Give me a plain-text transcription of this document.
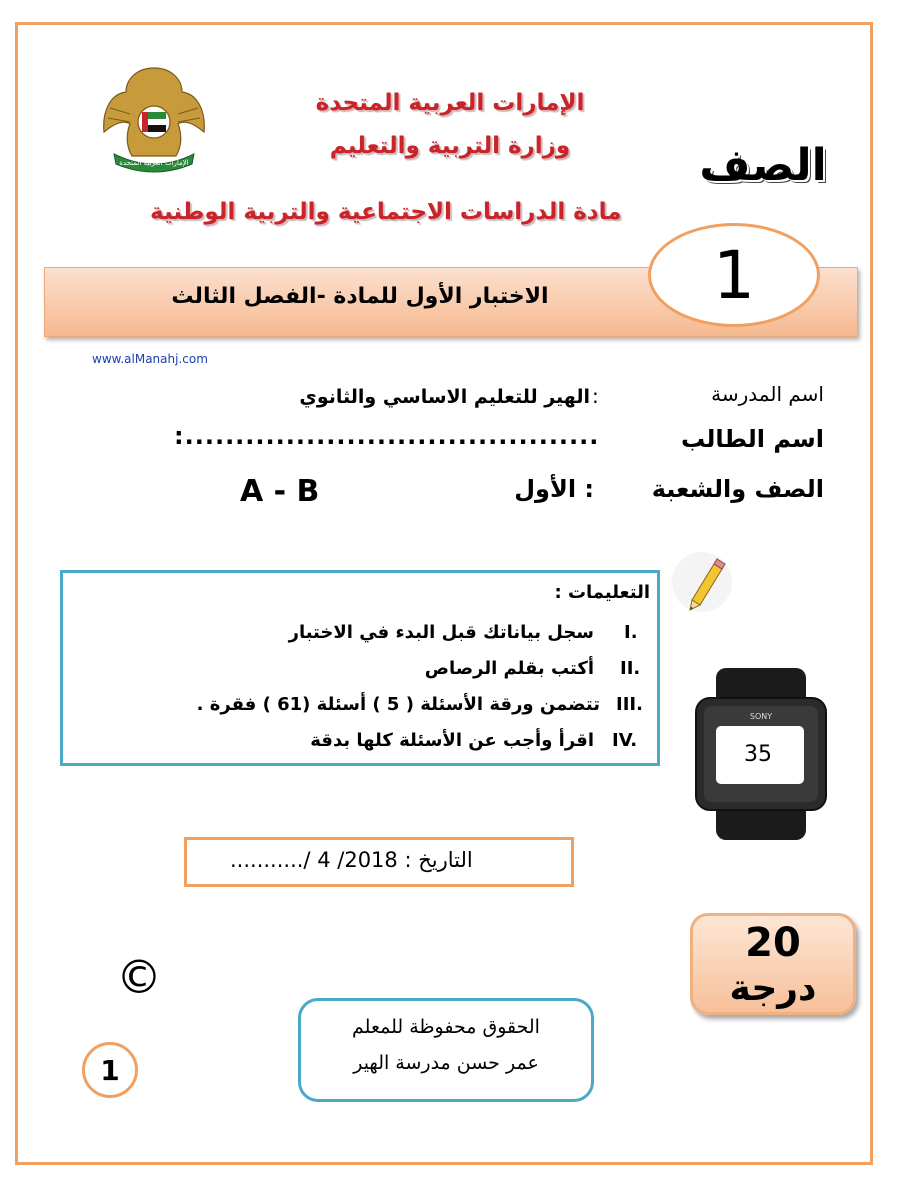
الإمارات العربية المتحدة
الإمارات العربية المتحدة
وزارة التربية والتعليم
مادة الدراسات الاجتماعية والتربية الوطنية
الصف
الاختبار الأول للمادة -الفصل الثالث	1
www.alManahj.com
اسم المدرسة
:
الهير للتعليم الاساسي والثانوي
اسم الطالب
:.........................................
الصف والشعبة
: الأول
A - B
التعليمات :
I.
سجل بياناتك قبل البدء في الاختبار
II.
أكتب بقلم الرصاص
III.
تتضمن ورقة الأسئلة ( 5 ) أسئلة (61 ) فقرة .
IV.
اقرأ وأجب عن الأسئلة كلها بدقة
SONY
35
التاريخ : 2018/ 4 /...........
20
درجة
©
الحقوق محفوظة للمعلم
عمر حسن مدرسة الهير
1
